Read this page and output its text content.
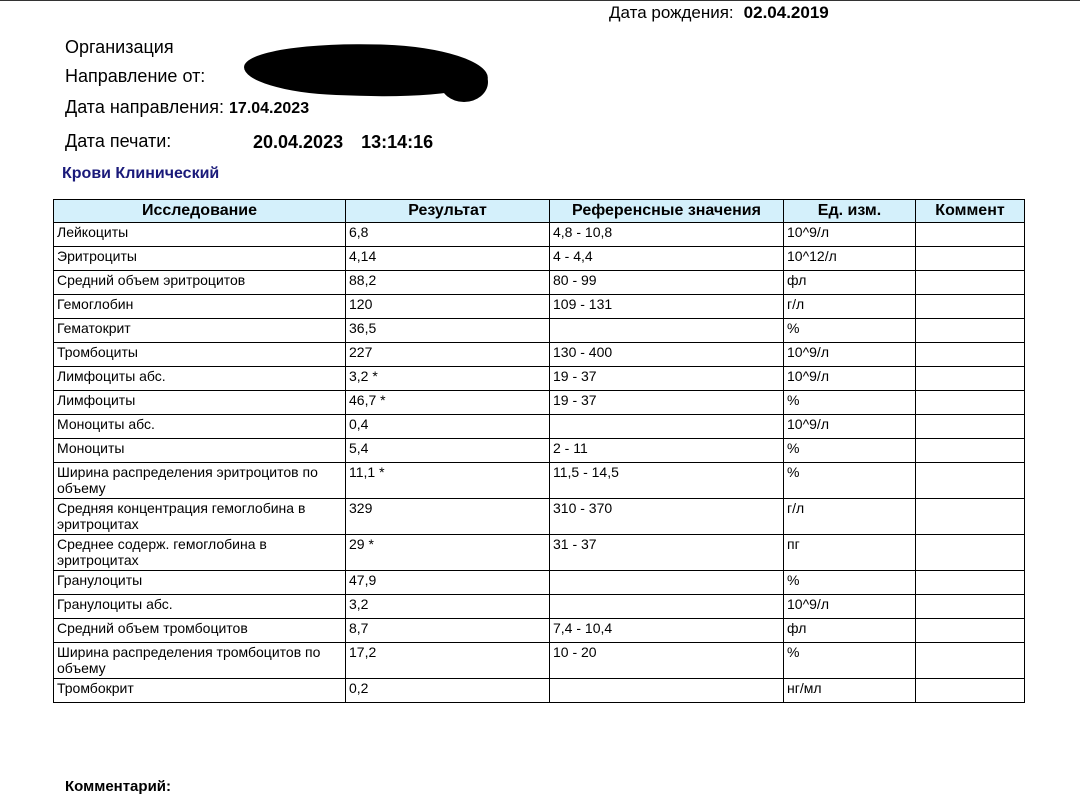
Дата рождения: 02.04.2019
Организация
Направление от:
Дата направления: 17.04.2023
Дата печати:	20.04.2023 13:14:16
Крови Клинический
Исследование	Результат	Референсные значения	Ед. изм.	Коммент
Лейкоциты	6,8	4,8 - 10,8	10^9/л	
Эритроциты	4,14	4 - 4,4	10^12/л	
Средний объем эритроцитов	88,2	80 - 99	фл	
Гемоглобин	120	109 - 131	г/л	
Гематокрит	36,5		%	
Тромбоциты	227	130 - 400	10^9/л	
Лимфоциты абс.	3,2 *	19 - 37	10^9/л	
Лимфоциты	46,7 *	19 - 37	%	
Моноциты абс.	0,4		10^9/л	
Моноциты	5,4	2 - 11	%	
Ширина распределения эритроцитов по объему	11,1 *	11,5 - 14,5	%	
Средняя концентрация гемоглобина в эритроцитах	329	310 - 370	г/л	
Среднее содерж. гемоглобина в эритроцитах	29 *	31 - 37	пг	
Гранулоциты	47,9		%	
Гранулоциты абс.	3,2		10^9/л	
Средний объем тромбоцитов	8,7	7,4 - 10,4	фл	
Ширина распределения тромбоцитов по объему	17,2	10 - 20	%	
Тромбокрит	0,2		нг/мл	
Комментарий:
